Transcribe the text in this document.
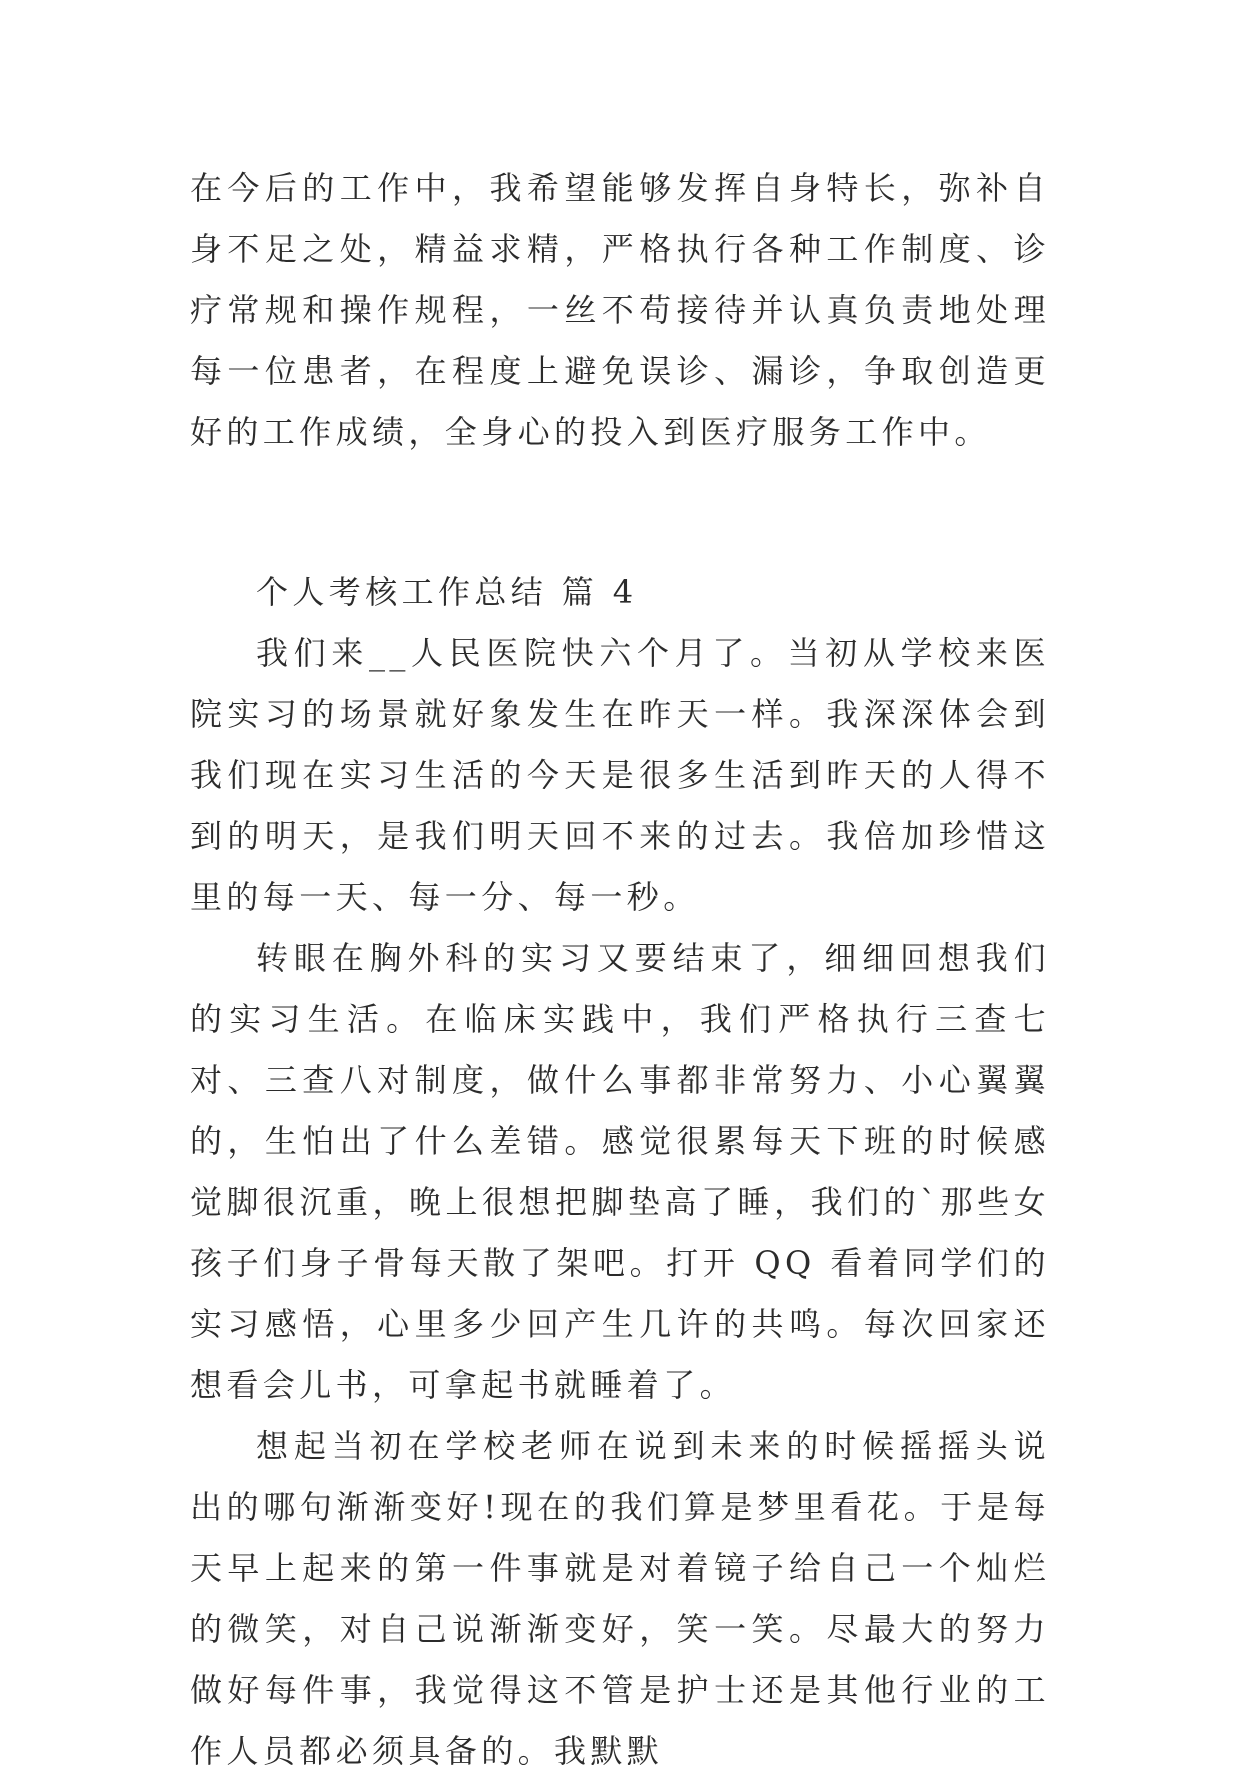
在今后的工作中，我希望能够发挥自身特长，弥补自身不足之处，精益求精，严格执行各种工作制度、诊疗常规和操作规程，一丝不苟接待并认真负责地处理每一位患者，在程度上避免误诊、漏诊，争取创造更好的工作成绩，全身心的投入到医疗服务工作中。

个人考核工作总结 篇 4

我们来__人民医院快六个月了。当初从学校来医院实习的场景就好象发生在昨天一样。我深深体会到我们现在实习生活的今天是很多生活到昨天的人得不到的明天，是我们明天回不来的过去。我倍加珍惜这里的每一天、每一分、每一秒。

转眼在胸外科的实习又要结束了，细细回想我们的实习生活。在临床实践中，我们严格执行三查七对、三查八对制度，做什么事都非常努力、小心翼翼的，生怕出了什么差错。感觉很累每天下班的时候感觉脚很沉重，晚上很想把脚垫高了睡，我们的`那些女孩子们身子骨每天散了架吧。打开 QQ 看着同学们的实习感悟，心里多少回产生几许的共鸣。每次回家还想看会儿书，可拿起书就睡着了。

想起当初在学校老师在说到未来的时候摇摇头说出的哪句渐渐变好!现在的我们算是梦里看花。于是每天早上起来的第一件事就是对着镜子给自己一个灿烂的微笑，对自己说渐渐变好，笑一笑。尽最大的努力做好每件事，我觉得这不管是护士还是其他行业的工作人员都必须具备的。我默默
